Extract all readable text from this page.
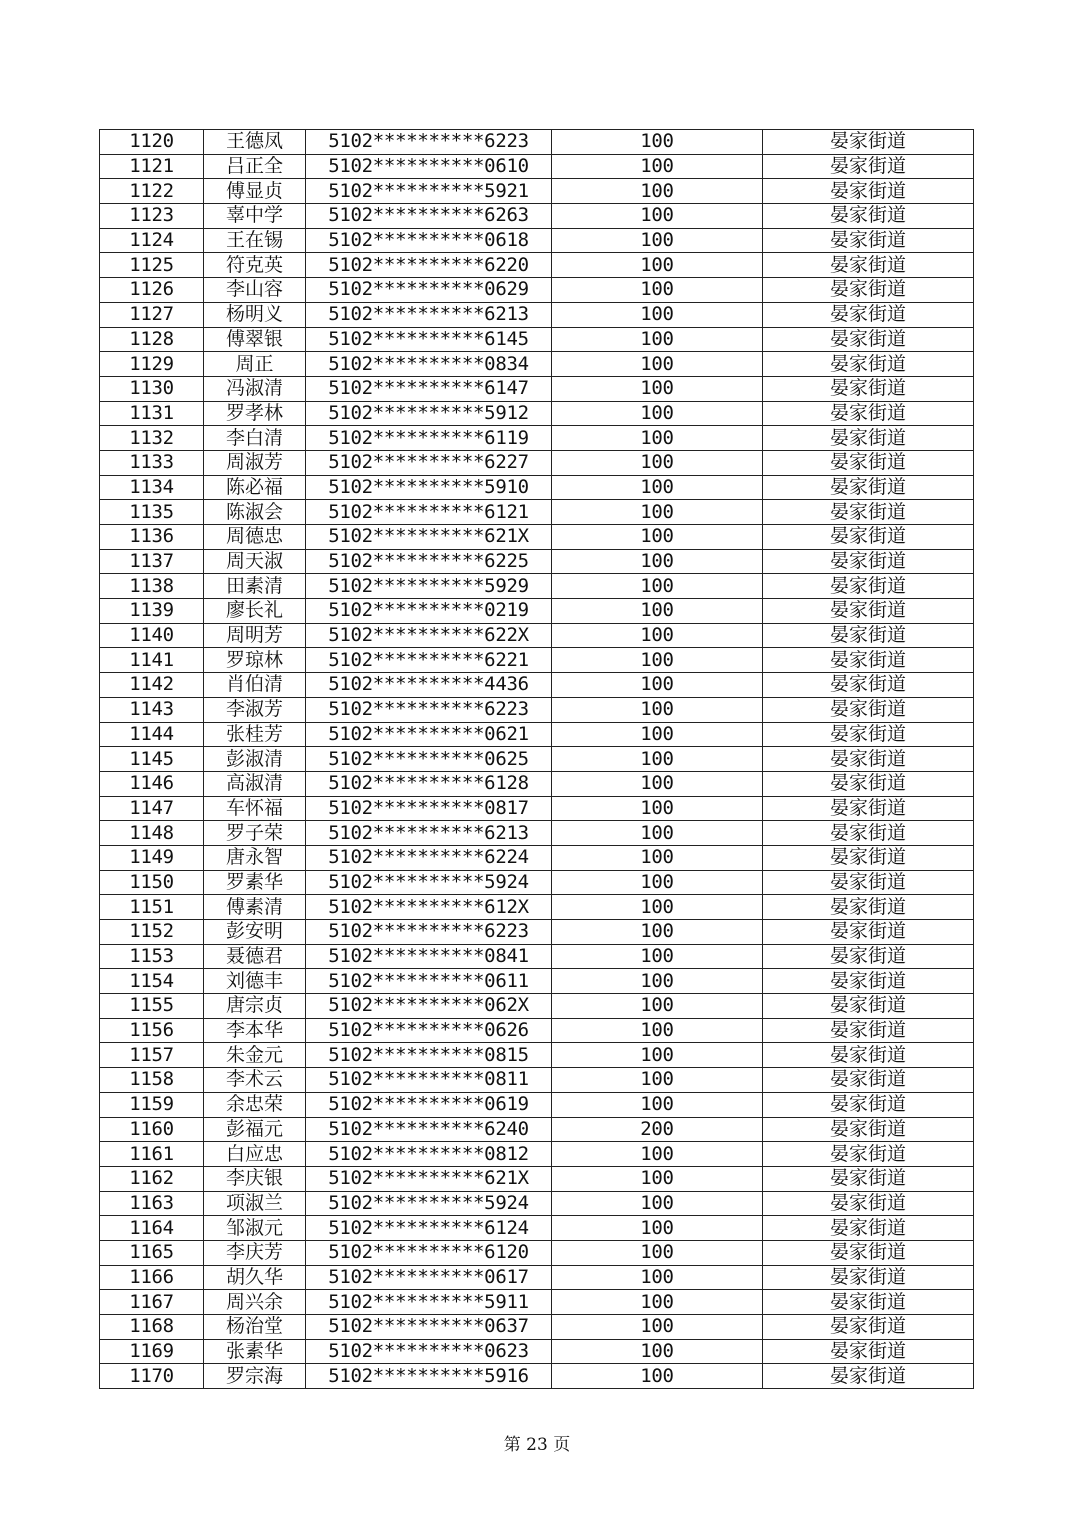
1120	王德凤	5102**********6223	100	晏家街道
1121	吕正全	5102**********0610	100	晏家街道
1122	傅显贞	5102**********5921	100	晏家街道
1123	辜中学	5102**********6263	100	晏家街道
1124	王在锡	5102**********0618	100	晏家街道
1125	符克英	5102**********6220	100	晏家街道
1126	李山容	5102**********0629	100	晏家街道
1127	杨明义	5102**********6213	100	晏家街道
1128	傅翠银	5102**********6145	100	晏家街道
1129	周正	5102**********0834	100	晏家街道
1130	冯淑清	5102**********6147	100	晏家街道
1131	罗孝林	5102**********5912	100	晏家街道
1132	李白清	5102**********6119	100	晏家街道
1133	周淑芳	5102**********6227	100	晏家街道
1134	陈必福	5102**********5910	100	晏家街道
1135	陈淑会	5102**********6121	100	晏家街道
1136	周德忠	5102**********621X	100	晏家街道
1137	周天淑	5102**********6225	100	晏家街道
1138	田素清	5102**********5929	100	晏家街道
1139	廖长礼	5102**********0219	100	晏家街道
1140	周明芳	5102**********622X	100	晏家街道
1141	罗琼林	5102**********6221	100	晏家街道
1142	肖伯清	5102**********4436	100	晏家街道
1143	李淑芳	5102**********6223	100	晏家街道
1144	张桂芳	5102**********0621	100	晏家街道
1145	彭淑清	5102**********0625	100	晏家街道
1146	高淑清	5102**********6128	100	晏家街道
1147	车怀福	5102**********0817	100	晏家街道
1148	罗子荣	5102**********6213	100	晏家街道
1149	唐永智	5102**********6224	100	晏家街道
1150	罗素华	5102**********5924	100	晏家街道
1151	傅素清	5102**********612X	100	晏家街道
1152	彭安明	5102**********6223	100	晏家街道
1153	聂德君	5102**********0841	100	晏家街道
1154	刘德丰	5102**********0611	100	晏家街道
1155	唐宗贞	5102**********062X	100	晏家街道
1156	李本华	5102**********0626	100	晏家街道
1157	朱金元	5102**********0815	100	晏家街道
1158	李术云	5102**********0811	100	晏家街道
1159	余忠荣	5102**********0619	100	晏家街道
1160	彭福元	5102**********6240	200	晏家街道
1161	白应忠	5102**********0812	100	晏家街道
1162	李庆银	5102**********621X	100	晏家街道
1163	项淑兰	5102**********5924	100	晏家街道
1164	邹淑元	5102**********6124	100	晏家街道
1165	李庆芳	5102**********6120	100	晏家街道
1166	胡久华	5102**********0617	100	晏家街道
1167	周兴余	5102**********5911	100	晏家街道
1168	杨治堂	5102**********0637	100	晏家街道
1169	张素华	5102**********0623	100	晏家街道
1170	罗宗海	5102**********5916	100	晏家街道
第 23 页
